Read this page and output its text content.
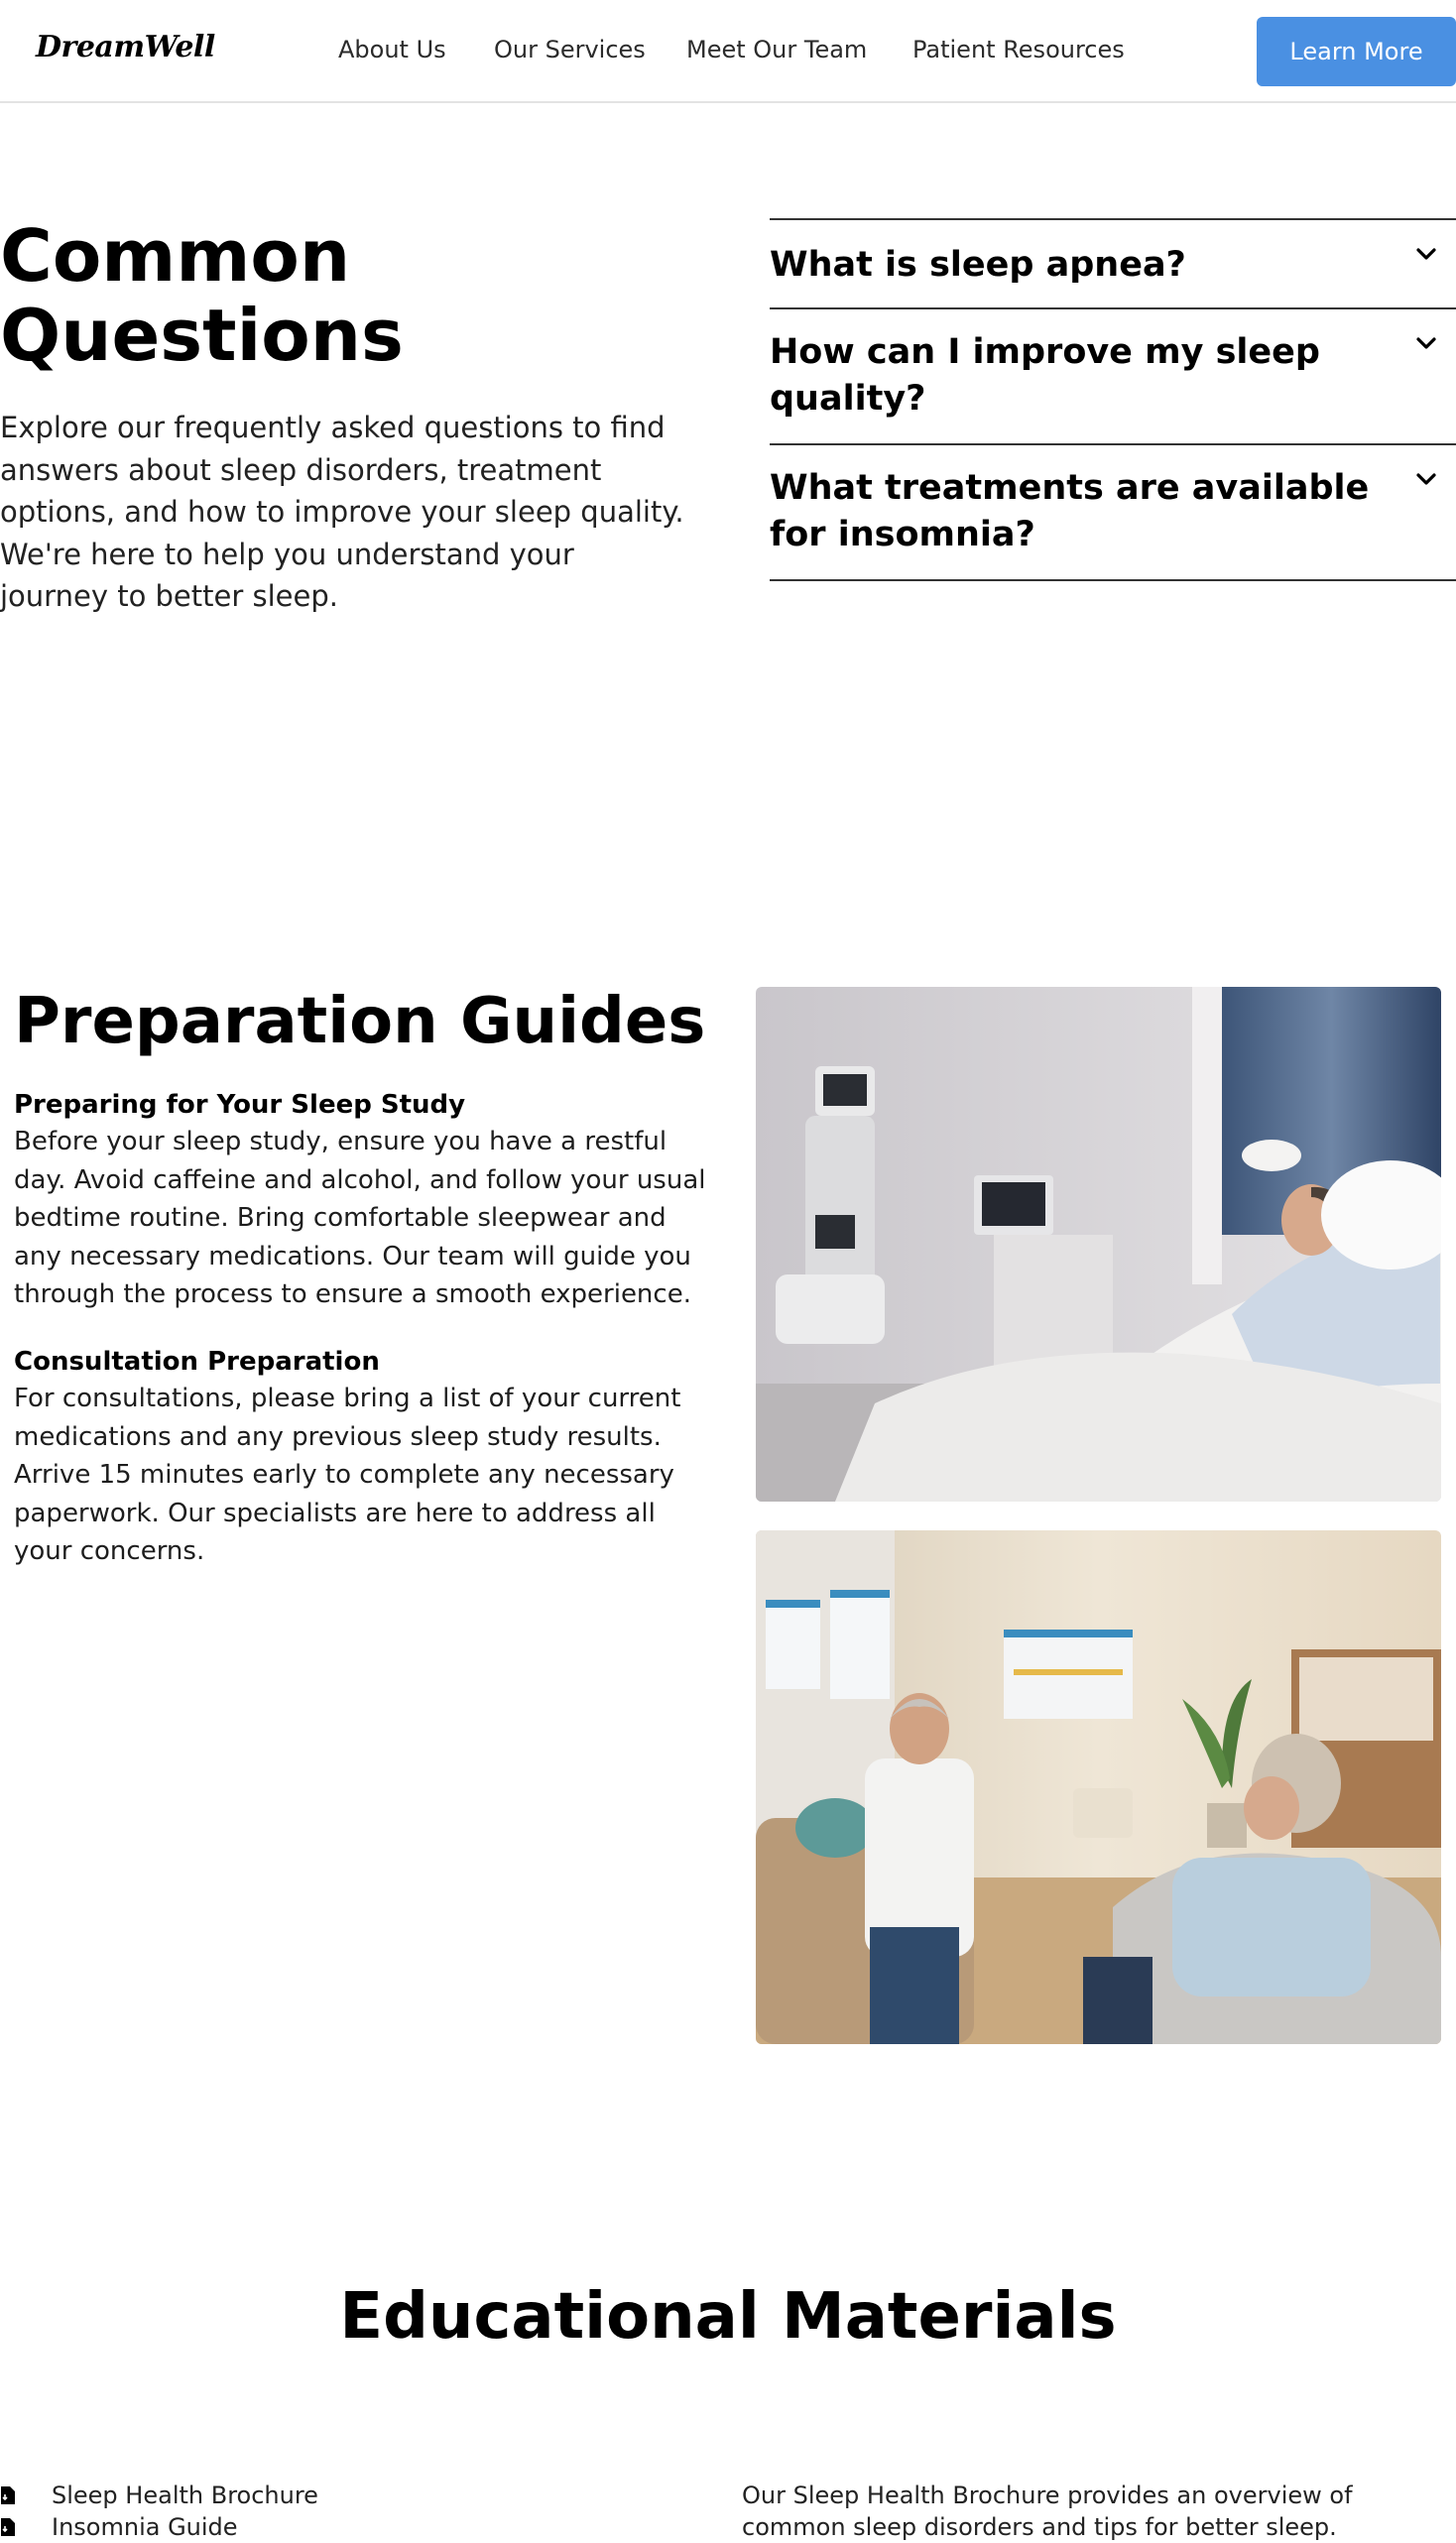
DreamWell	About Us Our Services Meet Our Team Patient Resources	Learn More
Common
Questions

Explore our frequently asked questions to find answers about sleep disorders, treatment options, and how to improve your sleep quality. We're here to help you understand your journey to better sleep.

What is sleep apnea?
How can I improve my sleep quality?
What treatments are available for insomnia?
Preparation Guides
Preparing for Your Sleep Study

Before your sleep study, ensure you have a restful day. Avoid caffeine and alcohol, and follow your usual bedtime routine. Bring comfortable sleepwear and any necessary medications. Our team will guide you through the process to ensure a smooth experience.

Consultation Preparation

For consultations, please bring a list of your current medications and any previous sleep study results. Arrive 15 minutes early to complete any necessary paperwork. Our specialists are here to address all your concerns.

Educational Materials
Sleep Health Brochure
Insomnia Guide

Our Sleep Health Brochure provides an overview of common sleep disorders and tips for better sleep.
